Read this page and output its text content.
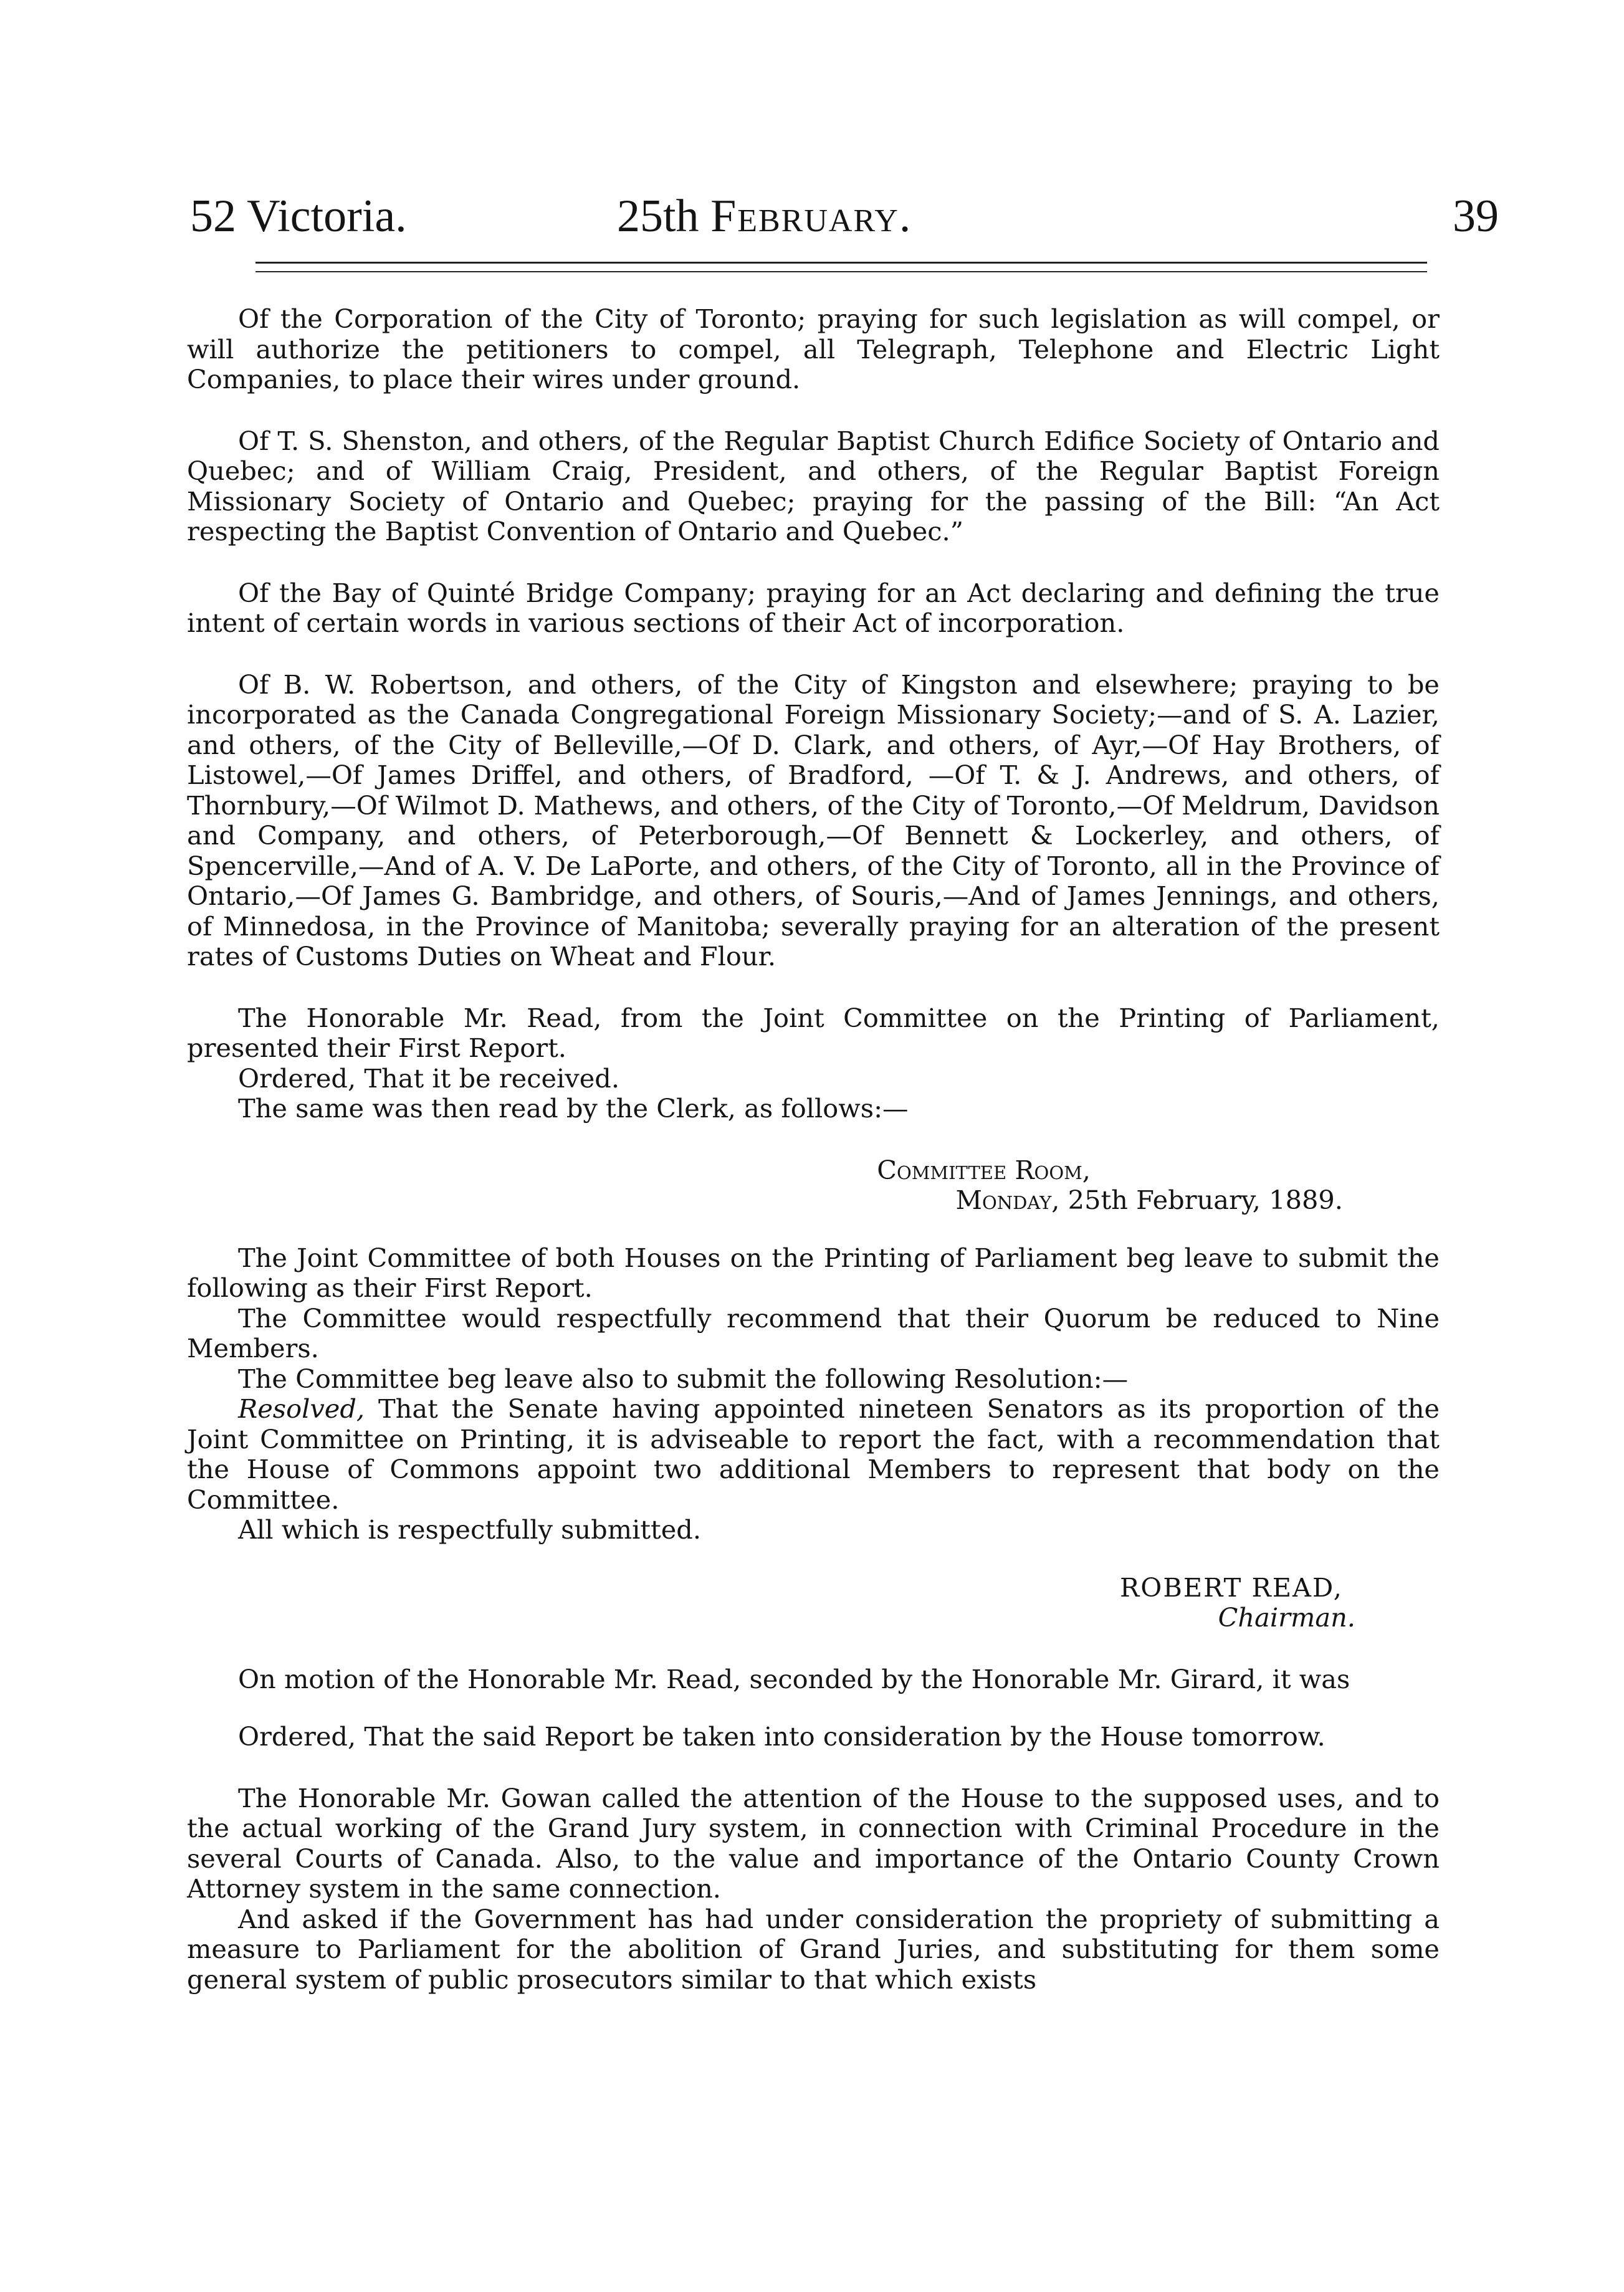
52 Victoria.	25th February.	39

Of the Corporation of the City of Toronto; praying for such legislation as will compel, or will authorize the petitioners to compel, all Telegraph, Telephone and Electric Light Companies, to place their wires under ground.

Of T. S. Shenston, and others, of the Regular Baptist Church Edifice Society of Ontario and Quebec; and of William Craig, President, and others, of the Regular Baptist Foreign Missionary Society of Ontario and Quebec; praying for the passing of the Bill: “An Act respecting the Baptist Convention of Ontario and Quebec.”

Of the Bay of Quinté Bridge Company; praying for an Act declaring and defining the true intent of certain words in various sections of their Act of incorporation.

Of B. W. Robertson, and others, of the City of Kingston and elsewhere; praying to be incorporated as the Canada Congregational Foreign Missionary Society;—and of S. A. Lazier, and others, of the City of Belleville,—Of D. Clark, and others, of Ayr,—Of Hay Brothers, of Listowel,—Of James Driffel, and others, of Bradford, —Of T. & J. Andrews, and others, of Thornbury,—Of Wilmot D. Mathews, and others, of the City of Toronto,—Of Meldrum, Davidson and Company, and others, of Peterborough,—Of Bennett & Lockerley, and others, of Spencerville,—And of A. V. De LaPorte, and others, of the City of Toronto, all in the Province of Ontario,—Of James G. Bambridge, and others, of Souris,—And of James Jennings, and others, of Minnedosa, in the Province of Manitoba; severally praying for an alteration of the present rates of Customs Duties on Wheat and Flour.

The Honorable Mr. Read, from the Joint Committee on the Printing of Parliament, presented their First Report.

Ordered, That it be received.

The same was then read by the Clerk, as follows:—

Committee Room,

Monday, 25th February, 1889.

The Joint Committee of both Houses on the Printing of Parliament beg leave to submit the following as their First Report.

The Committee would respectfully recommend that their Quorum be reduced to Nine Members.

The Committee beg leave also to submit the following Resolution:—

Resolved, That the Senate having appointed nineteen Senators as its proportion of the Joint Committee on Printing, it is adviseable to report the fact, with a recommendation that the House of Commons appoint two additional Members to represent that body on the Committee.

All which is respectfully submitted.

ROBERT READ,

Chairman.

On motion of the Honorable Mr. Read, seconded by the Honorable Mr. Girard, it was

Ordered, That the said Report be taken into consideration by the House tomorrow.

The Honorable Mr. Gowan called the attention of the House to the supposed uses, and to the actual working of the Grand Jury system, in connection with Criminal Procedure in the several Courts of Canada. Also, to the value and importance of the Ontario County Crown Attorney system in the same connection.

And asked if the Government has had under consideration the propriety of submitting a measure to Parliament for the abolition of Grand Juries, and substituting for them some general system of public prosecutors similar to that which exists
